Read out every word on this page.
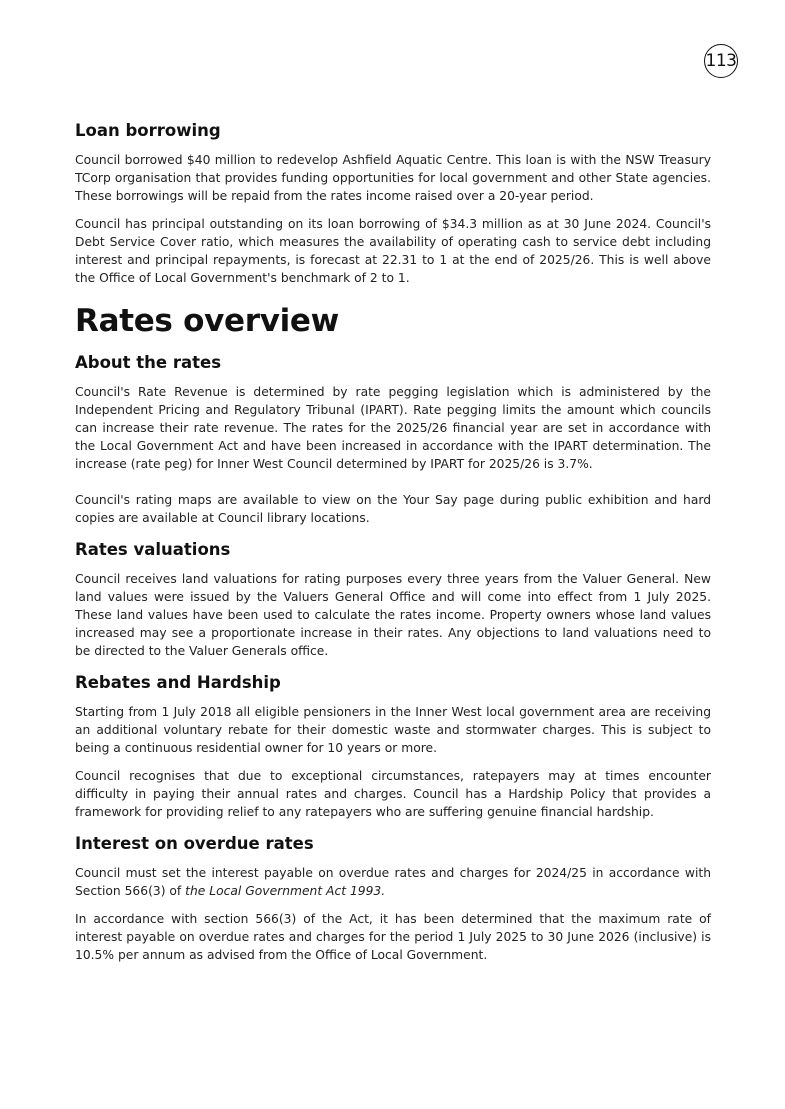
113
Loan borrowing

Council borrowed $40 million to redevelop Ashfield Aquatic Centre. This loan is with the NSW Treasury TCorp organisation that provides funding opportunities for local government and other State agencies. These borrowings will be repaid from the rates income raised over a 20-year period.

Council has principal outstanding on its loan borrowing of $34.3 million as at 30 June 2024. Council's Debt Service Cover ratio, which measures the availability of operating cash to service debt including interest and principal repayments, is forecast at 22.31 to 1 at the end of 2025/26. This is well above the Office of Local Government's benchmark of 2 to 1.

Rates overview
About the rates

Council's Rate Revenue is determined by rate pegging legislation which is administered by the Independent Pricing and Regulatory Tribunal (IPART). Rate pegging limits the amount which councils can increase their rate revenue. The rates for the 2025/26 financial year are set in accordance with the Local Government Act and have been increased in accordance with the IPART determination. The increase (rate peg) for Inner West Council determined by IPART for 2025/26 is 3.7%.

Council's rating maps are available to view on the Your Say page during public exhibition and hard copies are available at Council library locations.

Rates valuations

Council receives land valuations for rating purposes every three years from the Valuer General. New land values were issued by the Valuers General Office and will come into effect from 1 July 2025. These land values have been used to calculate the rates income. Property owners whose land values increased may see a proportionate increase in their rates. Any objections to land valuations need to be directed to the Valuer Generals office.

Rebates and Hardship

Starting from 1 July 2018 all eligible pensioners in the Inner West local government area are receiving an additional voluntary rebate for their domestic waste and stormwater charges. This is subject to being a continuous residential owner for 10 years or more.

Council recognises that due to exceptional circumstances, ratepayers may at times encounter difficulty in paying their annual rates and charges. Council has a Hardship Policy that provides a framework for providing relief to any ratepayers who are suffering genuine financial hardship.

Interest on overdue rates

Council must set the interest payable on overdue rates and charges for 2024/25 in accordance with Section 566(3) of the Local Government Act 1993.

In accordance with section 566(3) of the Act, it has been determined that the maximum rate of interest payable on overdue rates and charges for the period 1 July 2025 to 30 June 2026 (inclusive) is 10.5% per annum as advised from the Office of Local Government.
